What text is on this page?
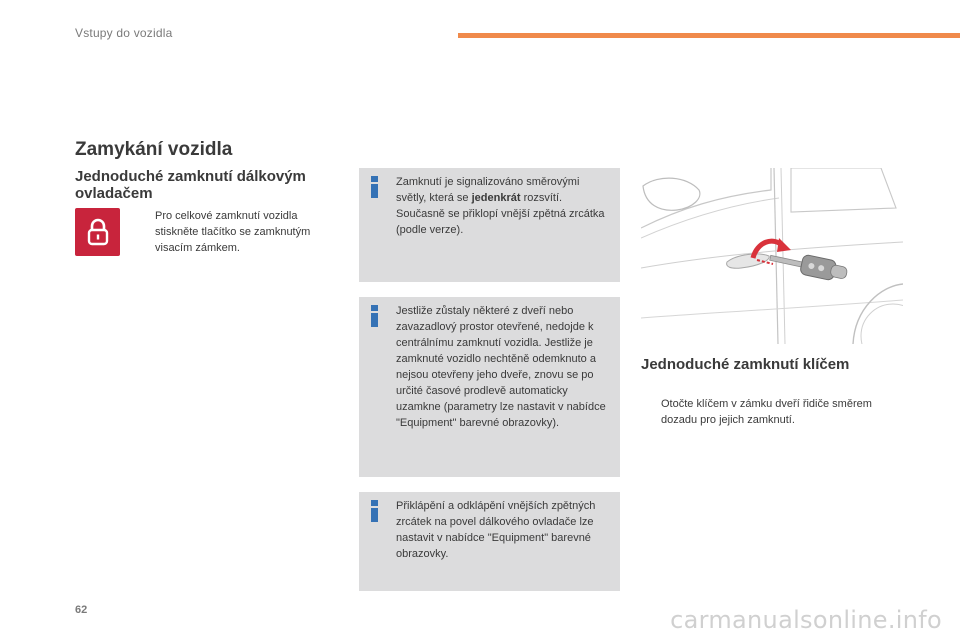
Vstupy do vozidla
Zamykání vozidla
Jednoduché zamknutí dálkovým ovladačem
Pro celkové zamknutí vozidla stiskněte tlačítko se zamknutým visacím zámkem.
Zamknutí je signalizováno směrovými světly, která se jedenkrát rozsvítí. Současně se přiklopí vnější zpětná zrcátka (podle verze).
Jestliže zůstaly některé z dveří nebo zavazadlový prostor otevřené, nedojde k centrálnímu zamknutí vozidla. Jestliže je zamknuté vozidlo nechtěně odemknuto a nejsou otevřeny jeho dveře, znovu se po určité časové prodlevě automaticky uzamkne (parametry lze nastavit v nabídce "Equipment" barevné obrazovky).
Přiklápění a odklápění vnějších zpětných zrcátek na povel dálkového ovladače lze nastavit v nabídce "Equipment" barevné obrazovky.
Jednoduché zamknutí klíčem
Otočte klíčem v zámku dveří řidiče směrem dozadu pro jejich zamknutí.
62	carmanualsonline.info
